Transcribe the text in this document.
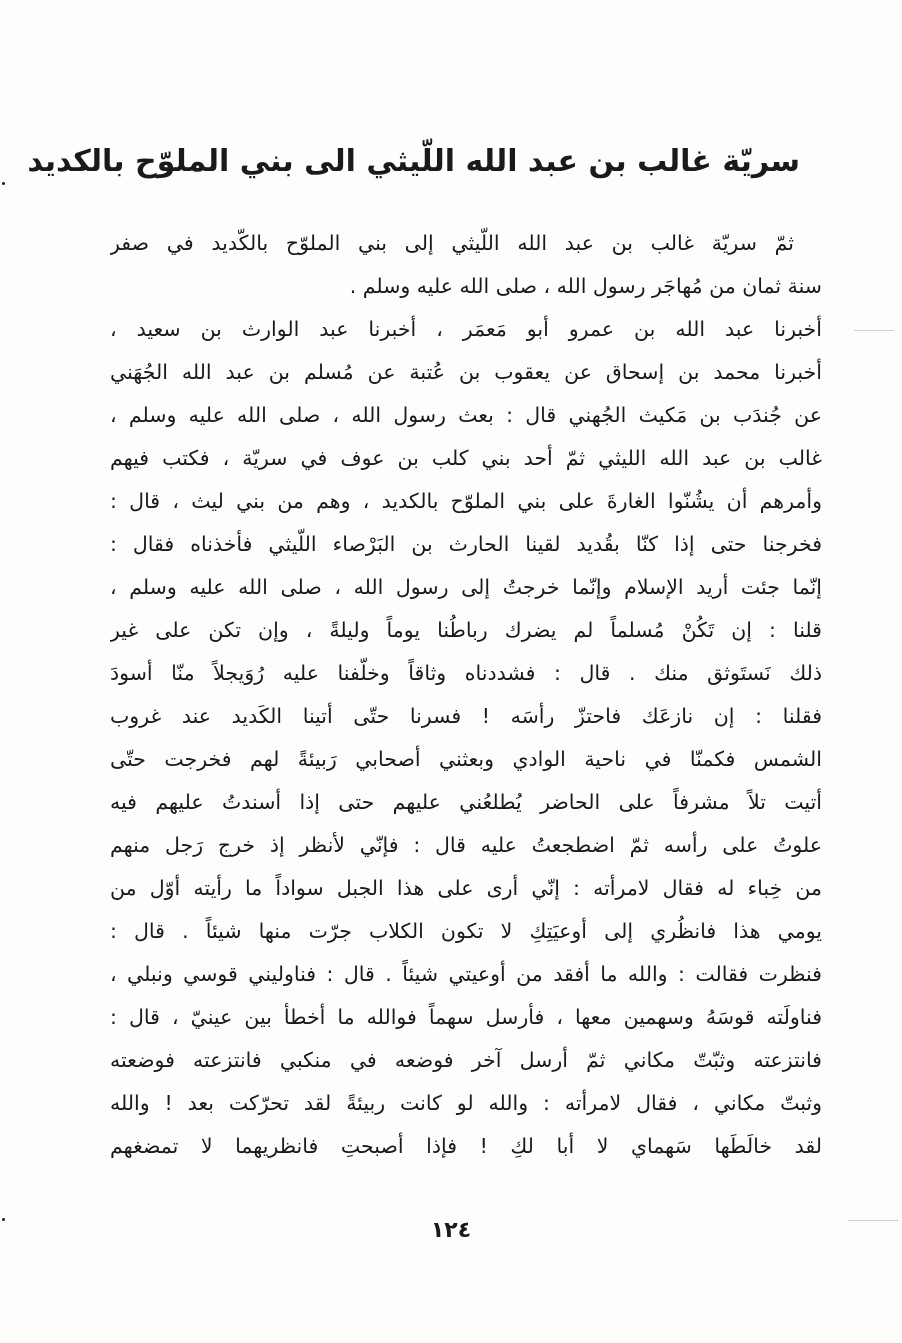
سريّة غالب بن عبد الله اللّيثي الى بني الملوّح بالكديد
ثمّ سريّة غالب بن عبد الله اللّيثي إلى بني الملوّح بالكّديد في صفر
سنة ثمان من مُهاجَر رسول الله ، صلى الله عليه وسلم .
أخبرنا عبد الله بن عمرو أبو مَعمَر ، أخبرنا عبد الوارث بن سعيد ،
أخبرنا محمد بن إسحاق عن يعقوب بن عُتبة عن مُسلم بن عبد الله الجُهَني
عن جُندَب بن مَكيث الجُهني قال : بعث رسول الله ، صلى الله عليه وسلم ،
غالب بن عبد الله الليثي ثمّ أحد بني كلب بن عوف في سريّة ، فكتب فيهم
وأمرهم أن يشُنّوا الغارةَ على بني الملوّح بالكديد ، وهم من بني ليث ، قال :
فخرجنا حتى إذا كنّا بقُديد لقينا الحارث بن البَرْصاء اللّيثي فأخذناه فقال :
إنّما جئت أريد الإسلام وإنّما خرجتُ إلى رسول الله ، صلى الله عليه وسلم ،
قلنا : إن تَكُنْ مُسلماً لم يضرك رباطُنا يوماً وليلةً ، وإن تكن على غير
ذلك نَستَوثق منك . قال : فشددناه وثاقاً وخلّفنا عليه رُوَيجلاً منّا أسودَ
فقلنا : إن نازعَك فاحتزّ رأسَه ! فسرنا حتّى أتينا الكَديد عند غروب
الشمس فكمنّا في ناحية الوادي وبعثني أصحابي رَبيئةً لهم فخرجت حتّى
أتيت تلاً مشرفاً على الحاضر يُطلعُني عليهم حتى إذا أسندتُ عليهم فيه
علوتُ على رأسه ثمّ اضطجعتُ عليه قال : فإنّي لأنظر إذ خرج رَجل منهم
من خِباء له فقال لامرأته : إنّي أرى على هذا الجبل سواداً ما رأيته أوّل من
يومي هذا فانظُري إلى أوعيَتِكِ لا تكون الكلاب جرّت منها شيئاً . قال :
فنظرت فقالت : والله ما أفقد من أوعيتي شيئاً . قال : فناوليني قوسي ونبلي ،
فناولَته قوسَهُ وسهمين معها ، فأرسل سهماً فوالله ما أخطأ بين عينيّ ، قال :
فانتزعته وثبّتّ مكاني ثمّ أرسل آخر فوضعه في منكبي فانتزعته فوضعته
وثبتّ مكاني ، فقال لامرأته : والله لو كانت ربيئةً لقد تحرّكت بعد ! والله
لقد خالَطَها سَهماي لا أبا لكِ ! فإذا أصبحتِ فانظريهما لا تمضغهم
١٢٤
